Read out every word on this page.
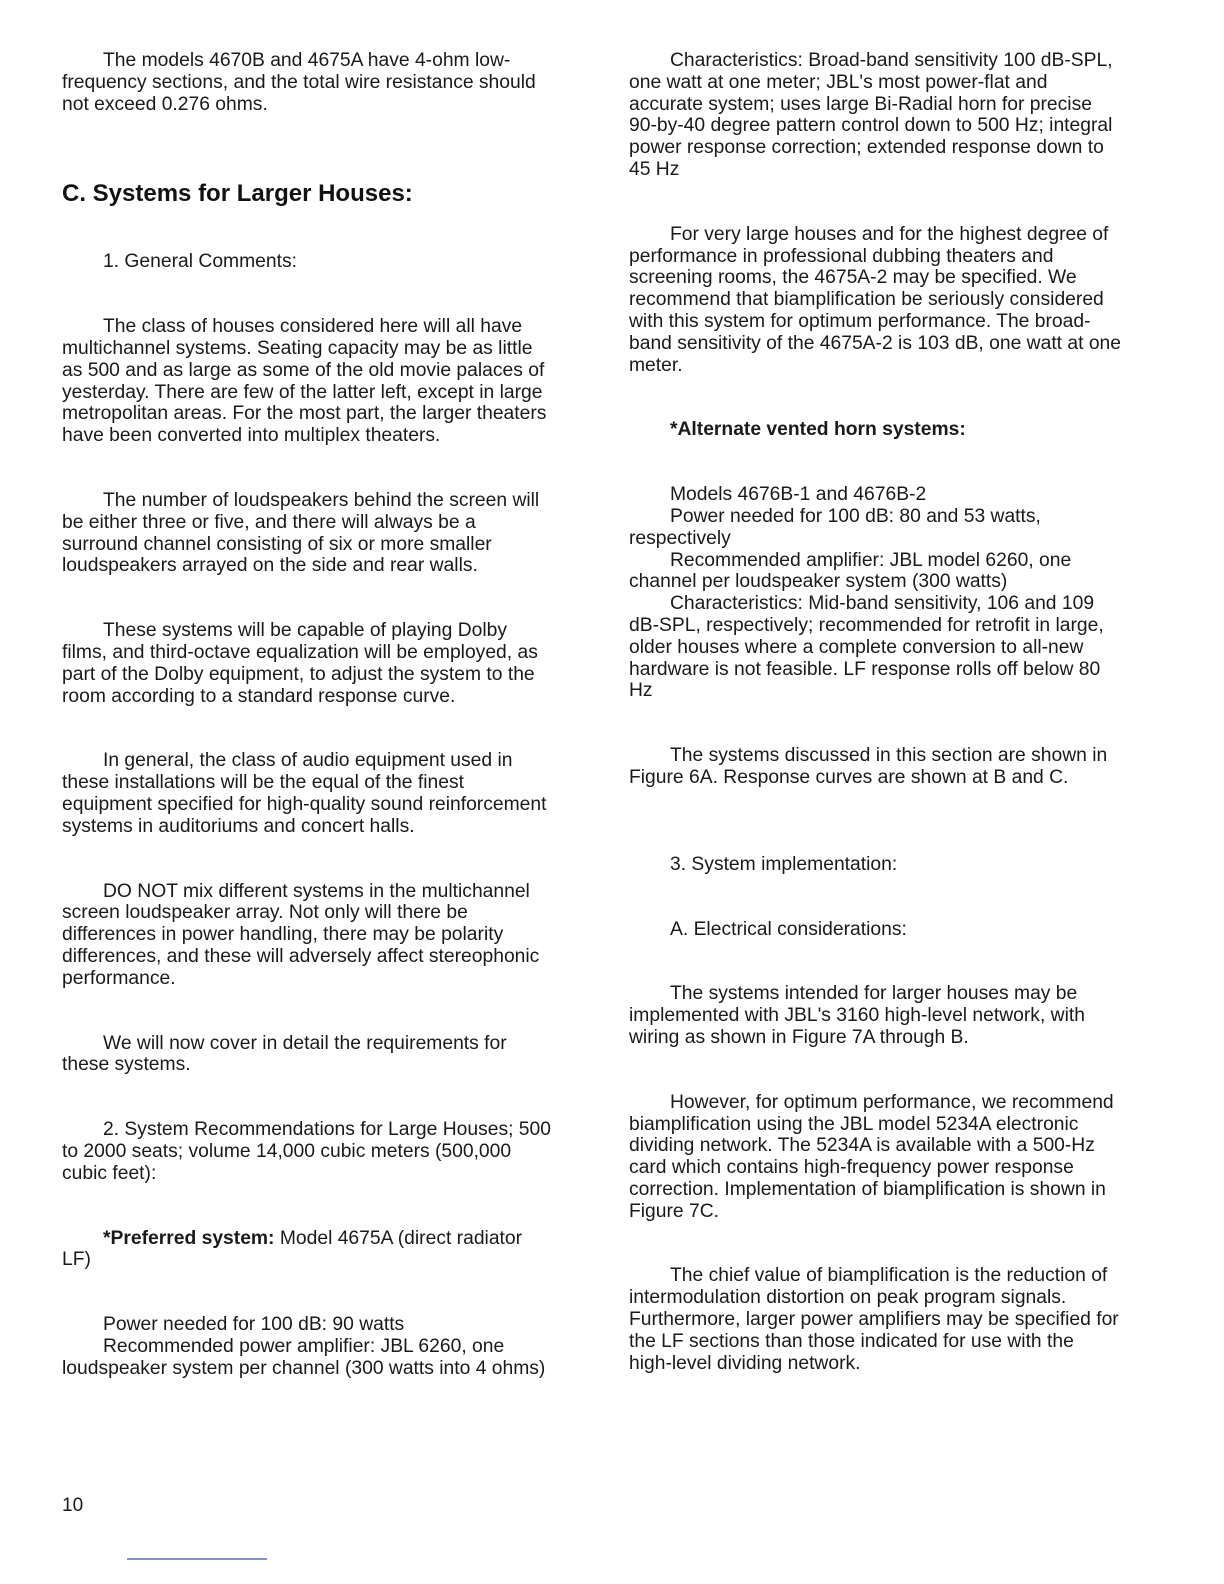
The models 4670B and 4675A have 4-ohm low-frequency sections, and the total wire resistance should not exceed 0.276 ohms.

C. Systems for Larger Houses:

1. General Comments:

The class of houses considered here will all have multichannel systems. Seating capacity may be as little as 500 and as large as some of the old movie palaces of yesterday. There are few of the latter left, except in large metropolitan areas. For the most part, the larger theaters have been converted into multiplex theaters.

The number of loudspeakers behind the screen will be either three or five, and there will always be a surround channel consisting of six or more smaller loudspeakers arrayed on the side and rear walls.

These systems will be capable of playing Dolby films, and third-octave equalization will be employed, as part of the Dolby equipment, to adjust the system to the room according to a standard response curve.

In general, the class of audio equipment used in these installations will be the equal of the finest equipment specified for high-quality sound reinforcement systems in auditoriums and concert halls.

DO NOT mix different systems in the multichannel screen loudspeaker array. Not only will there be differences in power handling, there may be polarity differences, and these will adversely affect stereophonic performance.

We will now cover in detail the requirements for these systems.

2. System Recommendations for Large Houses; 500 to 2000 seats; volume 14,000 cubic meters (500,000 cubic feet):

*Preferred system: Model 4675A (direct radiator LF)

Power needed for 100 dB: 90 watts

Recommended power amplifier: JBL 6260, one loudspeaker system per channel (300 watts into 4 ohms)

Characteristics: Broad-band sensitivity 100 dB-SPL, one watt at one meter; JBL's most power-flat and accurate system; uses large Bi-Radial horn for precise 90-by-40 degree pattern control down to 500 Hz; integral power response correction; extended response down to 45 Hz

For very large houses and for the highest degree of performance in professional dubbing theaters and screening rooms, the 4675A-2 may be specified. We recommend that biamplification be seriously considered with this system for optimum performance. The broad-band sensitivity of the 4675A-2 is 103 dB, one watt at one meter.

*Alternate vented horn systems:

Models 4676B-1 and 4676B-2

Power needed for 100 dB: 80 and 53 watts, respectively

Recommended amplifier: JBL model 6260, one channel per loudspeaker system (300 watts)

Characteristics: Mid-band sensitivity, 106 and 109 dB-SPL, respectively; recommended for retrofit in large, older houses where a complete conversion to all-new hardware is not feasible. LF response rolls off below 80 Hz

The systems discussed in this section are shown in Figure 6A. Response curves are shown at B and C.

3. System implementation:

A. Electrical considerations:

The systems intended for larger houses may be implemented with JBL's 3160 high-level network, with wiring as shown in Figure 7A through B.

However, for optimum performance, we recommend biamplification using the JBL model 5234A electronic dividing network. The 5234A is available with a 500-Hz card which contains high-frequency power response correction. Implementation of biamplification is shown in Figure 7C.

The chief value of biamplification is the reduction of intermodulation distortion on peak program signals. Furthermore, larger power amplifiers may be specified for the LF sections than those indicated for use with the high-level dividing network.

10
